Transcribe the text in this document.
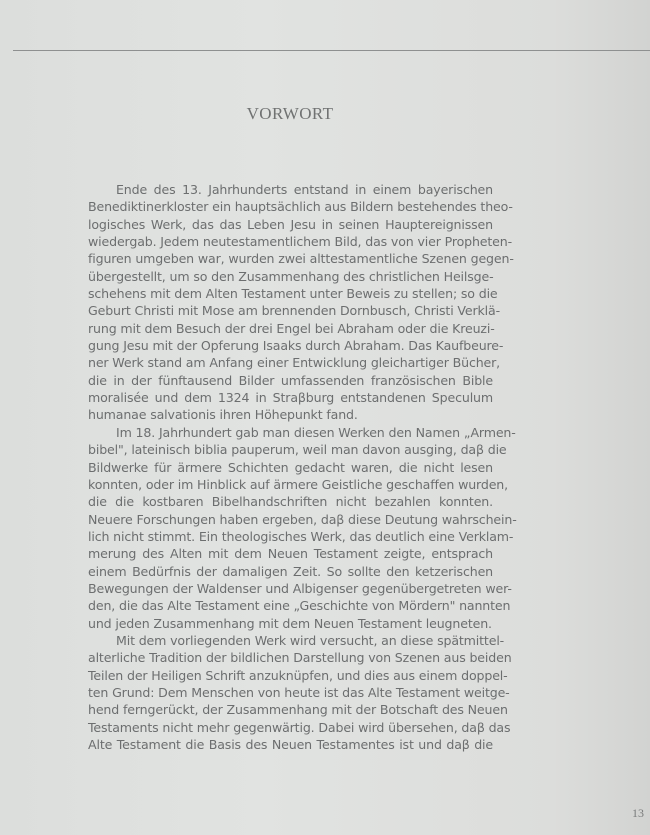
VORWORT

Ende des 13. Jahrhunderts entstand in einem bayerischen
Benediktinerkloster ein hauptsächlich aus Bildern bestehendes theo-
logisches Werk, das das Leben Jesu in seinen Hauptereignissen
wiedergab. Jedem neutestamentlichem Bild, das von vier Propheten-
figuren umgeben war, wurden zwei alttestamentliche Szenen gegen-
übergestellt, um so den Zusammenhang des christlichen Heilsge-
schehens mit dem Alten Testament unter Beweis zu stellen; so die
Geburt Christi mit Mose am brennenden Dornbusch, Christi Verklä-
rung mit dem Besuch der drei Engel bei Abraham oder die Kreuzi-
gung Jesu mit der Opferung Isaaks durch Abraham. Das Kaufbeure-
ner Werk stand am Anfang einer Entwicklung gleichartiger Bücher,
die in der fünftausend Bilder umfassenden französischen Bible
moralisée und dem 1324 in Straβburg entstandenen Speculum
humanae salvationis ihren Höhepunkt fand.

Im 18. Jahrhundert gab man diesen Werken den Namen „Armen-
bibel", lateinisch biblia pauperum, weil man davon ausging, daβ die
Bildwerke für ärmere Schichten gedacht waren, die nicht lesen
konnten, oder im Hinblick auf ärmere Geistliche geschaffen wurden,
die die kostbaren Bibelhandschriften nicht bezahlen konnten.
Neuere Forschungen haben ergeben, daβ diese Deutung wahrschein-
lich nicht stimmt. Ein theologisches Werk, das deutlich eine Verklam-
merung des Alten mit dem Neuen Testament zeigte, entsprach
einem Bedürfnis der damaligen Zeit. So sollte den ketzerischen
Bewegungen der Waldenser und Albigenser gegenübergetreten wer-
den, die das Alte Testament eine „Geschichte von Mördern" nannten
und jeden Zusammenhang mit dem Neuen Testament leugneten.

Mit dem vorliegenden Werk wird versucht, an diese spätmittel-
alterliche Tradition der bildlichen Darstellung von Szenen aus beiden
Teilen der Heiligen Schrift anzuknüpfen, und dies aus einem doppel-
ten Grund: Dem Menschen von heute ist das Alte Testament weitge-
hend ferngerückt, der Zusammenhang mit der Botschaft des Neuen
Testaments nicht mehr gegenwärtig. Dabei wird übersehen, daβ das
Alte Testament die Basis des Neuen Testamentes ist und daβ die

13
